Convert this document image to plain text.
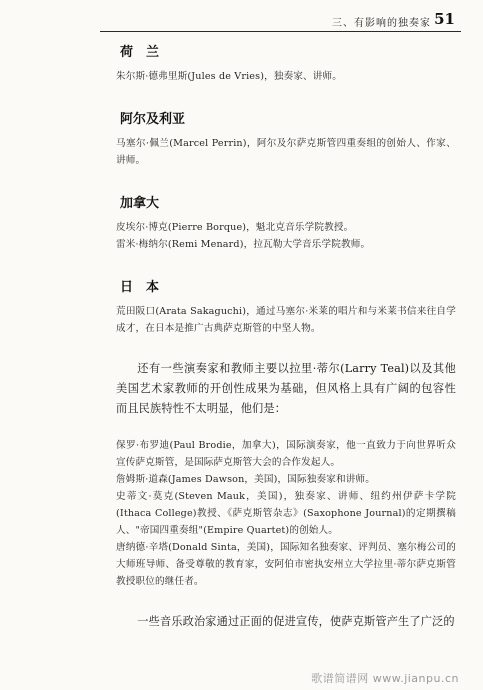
三、有影响的独奏家 51
荷　兰

朱尔斯·德弗里斯(Jules de Vries)，独奏家、讲师。

阿尔及利亚

马塞尔·佩兰(Marcel Perrin)，阿尔及尔萨克斯管四重奏组的创始人、作家、讲师。

加拿大

皮埃尔·博克(Pierre Borque)，魁北克音乐学院教授。

雷米·梅纳尔(Remi Menard)，拉瓦勒大学音乐学院教师。

日　本

荒田阪口(Arata Sakaguchi)，通过马塞尔·米莱的唱片和与米莱书信来往自学成才，在日本是推广古典萨克斯管的中坚人物。

还有一些演奏家和教师主要以拉里·蒂尔(Larry Teal)以及其他美国艺术家教师的开创性成果为基础，但风格上具有广阔的包容性而且民族特性不太明显，他们是：

保罗·布罗迪(Paul Brodie，加拿大)，国际演奏家，他一直致力于向世界听众宣传萨克斯管，是国际萨克斯管大会的合作发起人。

詹姆斯·道森(James Dawson，美国)，国际独奏家和讲师。

史蒂文·莫克(Steven Mauk，美国)，独奏家、讲师、纽约州伊萨卡学院(Ithaca College)教授、《萨克斯管杂志》(Saxophone Journal)的定期撰稿人、"帝国四重奏组"(Empire Quartet)的创始人。

唐纳德·辛塔(Donald Sinta，美国)，国际知名独奏家、评判员、塞尔梅公司的大师班导师、备受尊敬的教育家，安阿伯市密执安州立大学拉里·蒂尔萨克斯管教授职位的继任者。

一些音乐政治家通过正面的促进宣传，使萨克斯管产生了广泛的

歌谱简谱网 www.jianpu.cn
